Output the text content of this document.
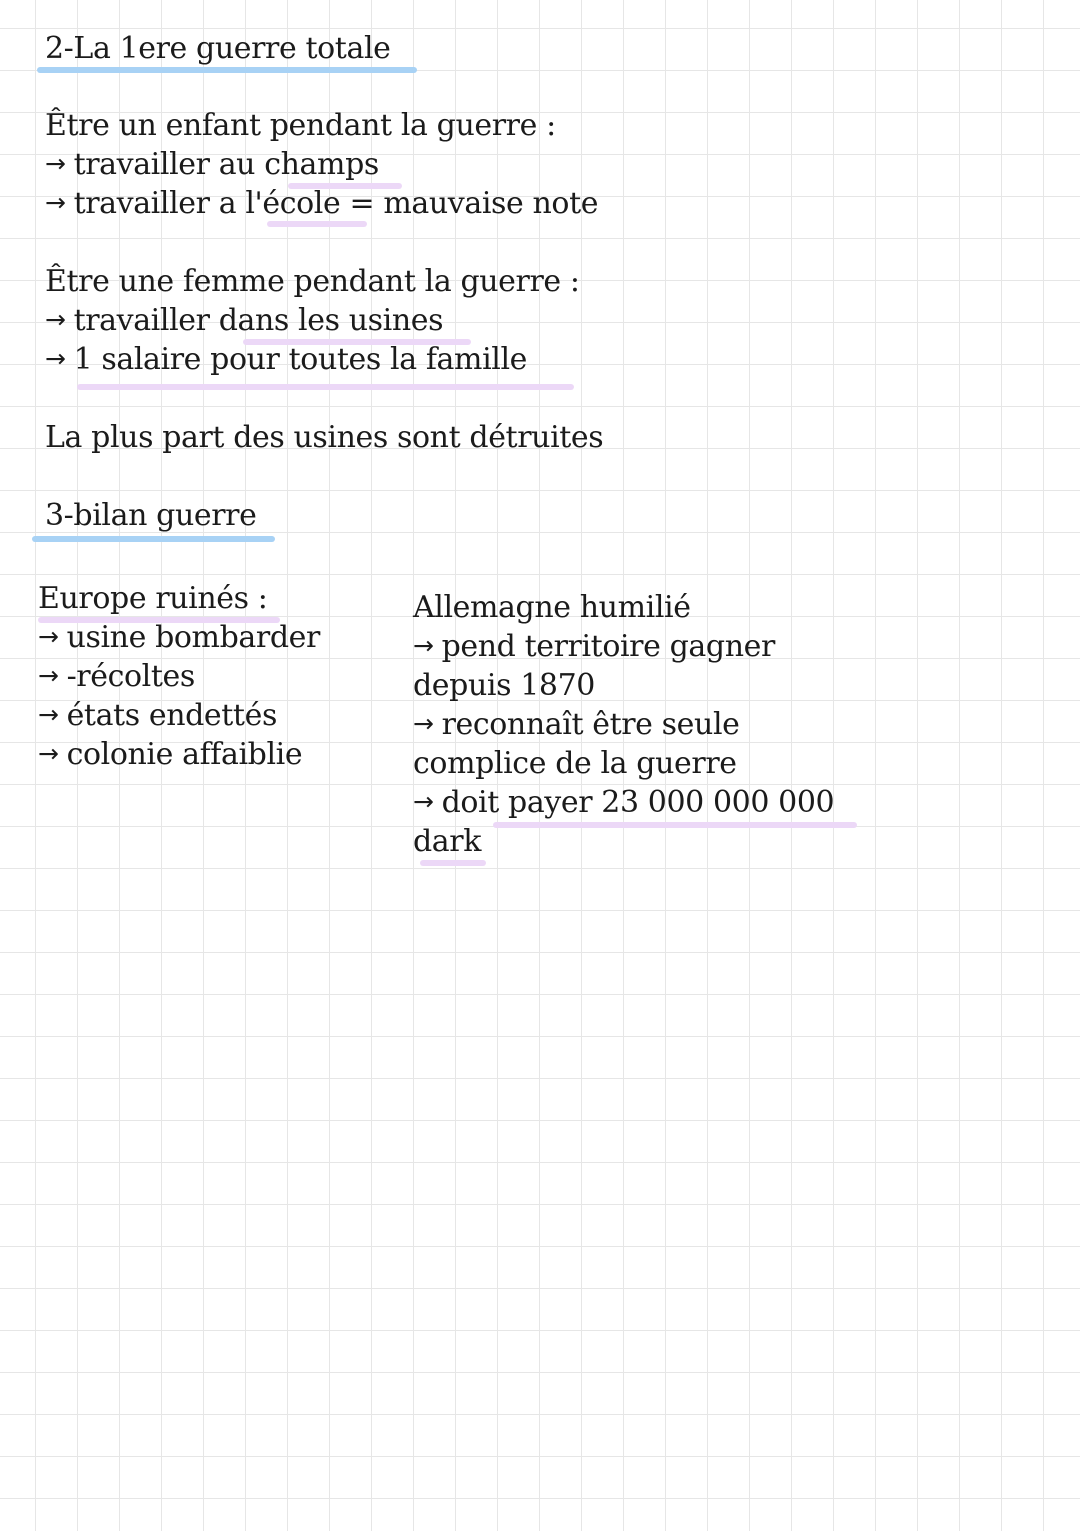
2-La 1ere guerre totale
Être un enfant pendant la guerre :
→ travailler au champs
→ travailler a l'école = mauvaise note
Être une femme pendant la guerre :
→ travailler dans les usines
→ 1 salaire pour toutes la famille
La plus part des usines sont détruites
3-bilan guerre
Europe ruinés :
→ usine bombarder
→ -récoltes
→ états endettés
→ colonie affaiblie
Allemagne humilié
→ pend territoire gagner
depuis 1870
→ reconnaît être seule
complice de la guerre
→ doit payer 23 000 000 000
dark
